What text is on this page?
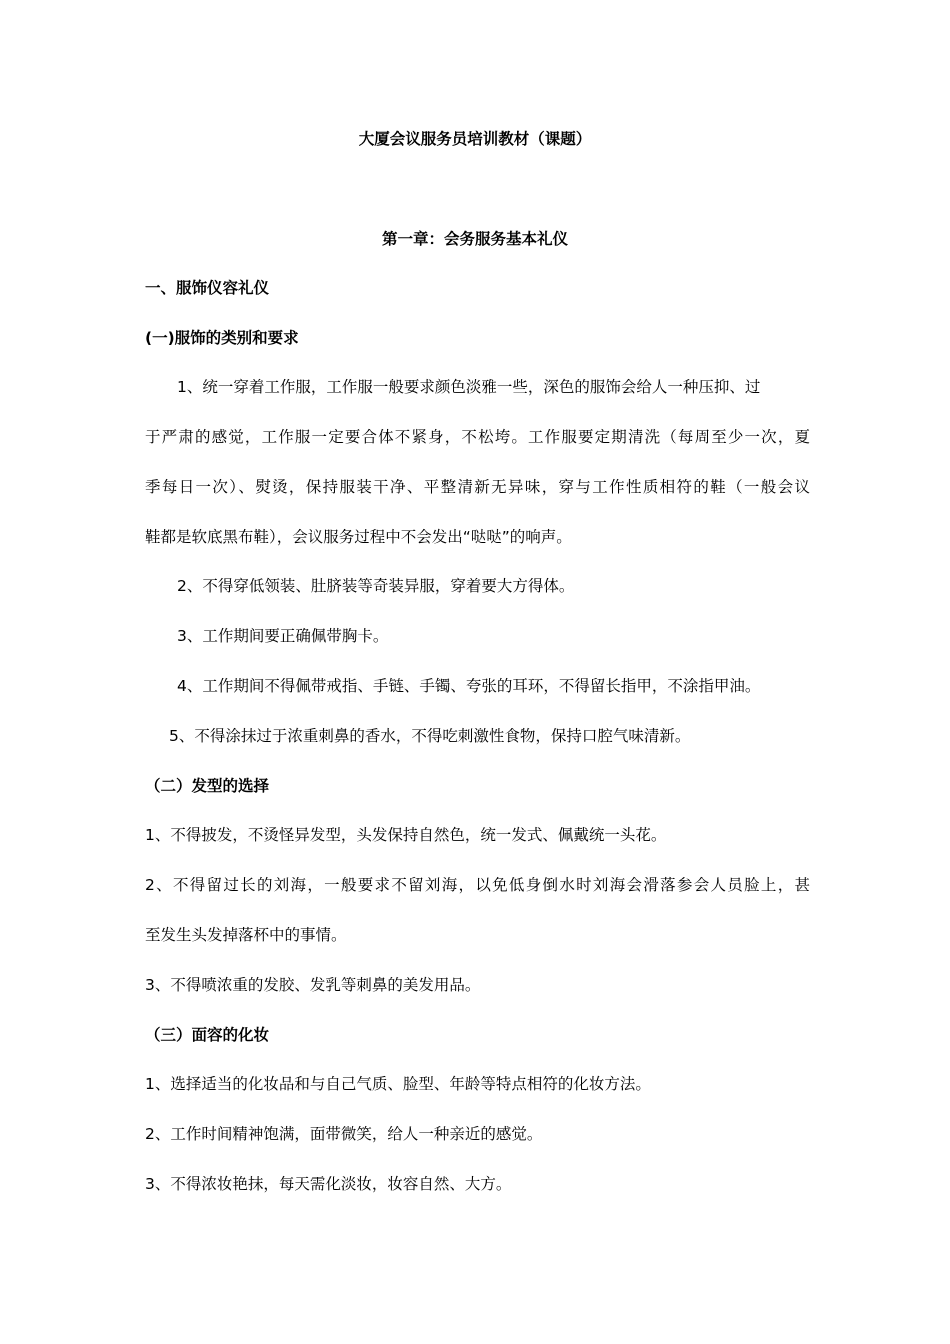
大厦会议服务员培训教材（课题）
第一章：会务服务基本礼仪
一、服饰仪容礼仪
(一)服饰的类别和要求
1、统一穿着工作服，工作服一般要求颜色淡雅一些，深色的服饰会给人一种压抑、过
于严肃的感觉，工作服一定要合体不紧身，不松垮。工作服要定期清洗（每周至少一次，夏
季每日一次）、熨烫，保持服装干净、平整清新无异味，穿与工作性质相符的鞋（一般会议
鞋都是软底黑布鞋），会议服务过程中不会发出“哒哒”的响声。
2、不得穿低领装、肚脐装等奇装异服，穿着要大方得体。
3、工作期间要正确佩带胸卡。
4、工作期间不得佩带戒指、手链、手镯、夸张的耳环，不得留长指甲，不涂指甲油。
5、不得涂抹过于浓重刺鼻的香水，不得吃刺激性食物，保持口腔气味清新。
（二）发型的选择
1、不得披发，不烫怪异发型，头发保持自然色，统一发式、佩戴统一头花。
2、不得留过长的刘海，一般要求不留刘海，以免低身倒水时刘海会滑落参会人员脸上，甚
至发生头发掉落杯中的事情。
3、不得喷浓重的发胶、发乳等刺鼻的美发用品。
（三）面容的化妆
1、选择适当的化妆品和与自己气质、脸型、年龄等特点相符的化妆方法。
2、工作时间精神饱满，面带微笑，给人一种亲近的感觉。
3、不得浓妆艳抹，每天需化淡妆，妆容自然、大方。
